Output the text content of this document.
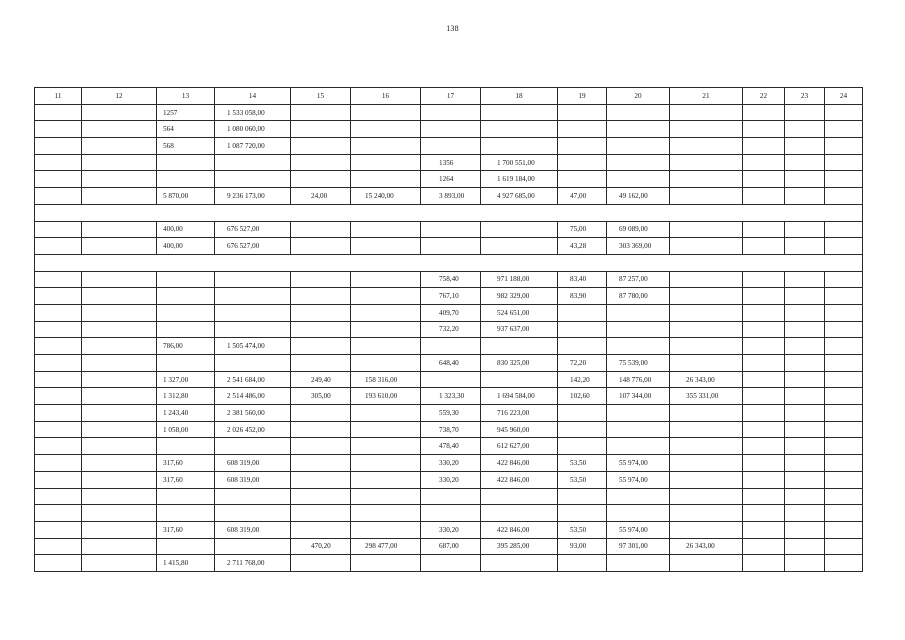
138
11	12	13	14	15	16	17	18	19	20	21	22	23	24
		1257	1 533 058,00										
		564	1 080 060,00										
		568	1 087 720,00										
						1356	1 700 551,00						
						1264	1 619 184,00						
		5 870,00	9 236 173,00	24,00	15 240,00	3 893,00	4 927 685,00	47,00	49 162,00				

		400,00	676 527,00					75,00	69 089,00				
		400,00	676 527,00					43,28	303 369,00				

						758,40	971 188,00	83,40	87 257,00				
						767,10	982 329,00	83,90	87 780,00				
						409,70	524 651,00						
						732,20	937 637,00						
		786,00	1 505 474,00										
						648,40	830 325,00	72,20	75 539,00				
		1 327,00	2 541 684,00	249,40	158 316,00			142,20	148 776,00	26 343,00			
		1 312,80	2 514 486,00	305,00	193 610,00	1 323,30	1 694 584,00	102,60	107 344,00	355 331,00			
		1 243,40	2 381 560,00			559,30	716 223,00						
		1 058,00	2 026 452,00			738,70	945 960,00						
						478,40	612 627,00						
		317,60	608 319,00			330,20	422 846,00	53,50	55 974,00				
		317,60	608 319,00			330,20	422 846,00	53,50	55 974,00				

		317,60	608 319,00			330,20	422 846,00	53,50	55 974,00				
				470,20	298 477,00	687,00	395 285,00	93,00	97 301,00	26 343,00			
		1 415,80	2 711 768,00										
